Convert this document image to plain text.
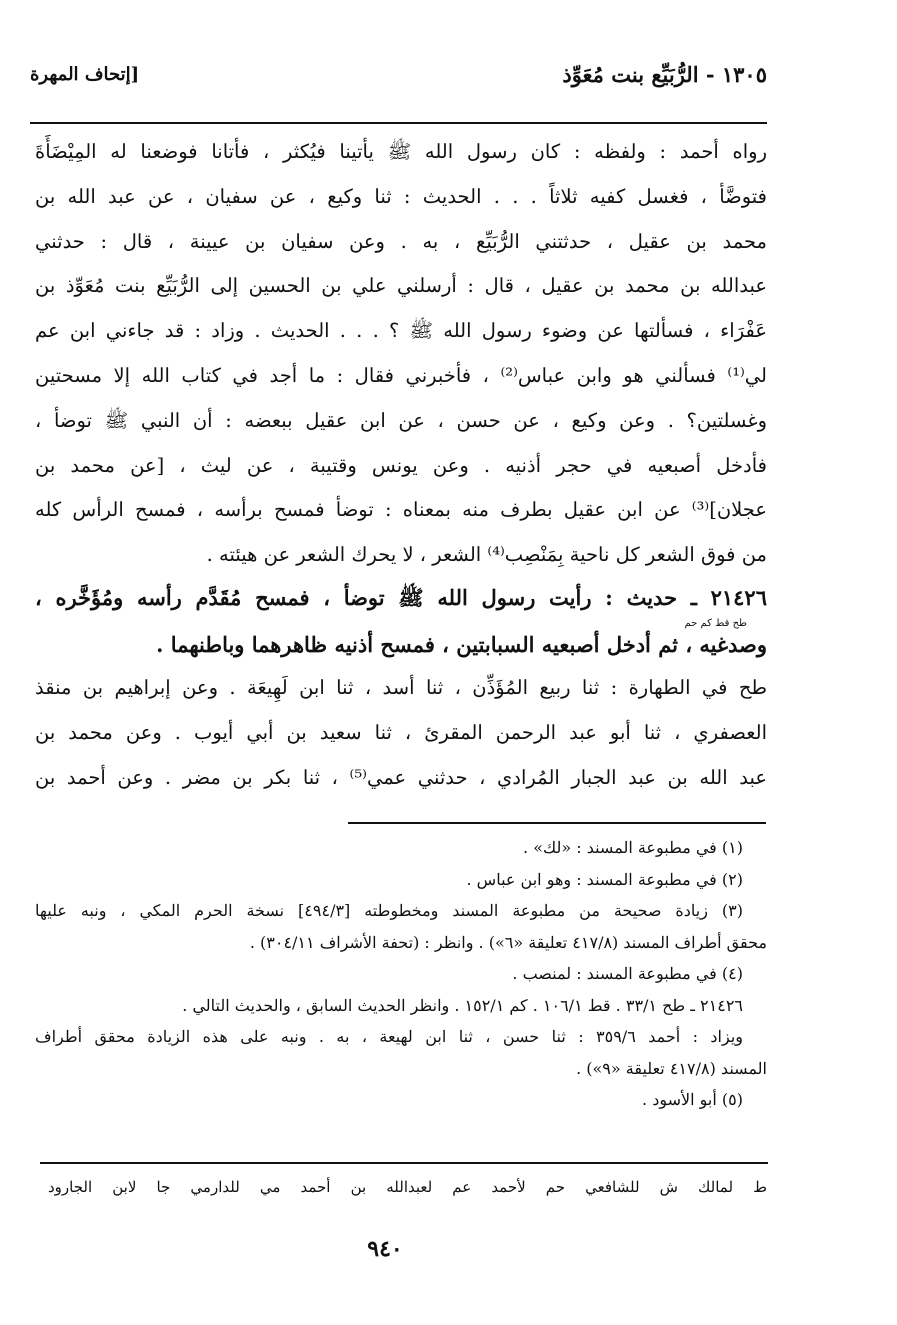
١٣٠٥ - الرُّبَيِّع بنت مُعَوِّذ
[إتحاف المهرة
رواه أحمد : ولفظه : كان رسول الله ﷺ يأتينا فيُكثر ، فأتانا فوضعنا له المِيْضَأَةَ
فتوضَّأ ، فغسل كفيه ثلاثاً . . . الحديث : ثنا وكيع ، عن سفيان ، عن عبد الله بن
محمد بن عقيل ، حدثتني الرُّبَيِّع ، به . وعن سفيان بن عيينة ، قال : حدثني
عبدالله بن محمد بن عقيل ، قال : أرسلني علي بن الحسين إلى الرُّبَيِّع بنت مُعَوِّذ بن
عَفْرَاء ، فسألتها عن وضوء رسول الله ﷺ ؟ . . . الحديث . وزاد : قد جاءني ابن عم
لي⁽¹⁾ فسألني هو وابن عباس⁽²⁾ ، فأخبرني فقال : ما أجد في كتاب الله إلا مسحتين
وغسلتين؟ . وعن وكيع ، عن حسن ، عن ابن عقيل ببعضه : أن النبي ﷺ توضأ ،
فأدخل أصبعيه في حجر أذنيه . وعن يونس وقتيبة ، عن ليث ، [عن محمد بن
عجلان]⁽³⁾ عن ابن عقيل بطرف منه بمعناه : توضأ فمسح برأسه ، فمسح الرأس كله
من فوق الشعر كل ناحية بِمَنْصِب⁽⁴⁾ الشعر ، لا يحرك الشعر عن هيئته .
٢١٤٢٦ ـ حديث : رأيت رسول الله ﷺ توضأ ، فمسح مُقَدَّم رأسه ومُؤَخَّره ،
طح قط كم حم
وصدغيه ، ثم أدخل أصبعيه السبابتين ، فمسح أذنيه ظاهرهما وباطنهما .
طح في الطهارة : ثنا ربيع المُؤَذِّن ، ثنا أسد ، ثنا ابن لَهِيعَة . وعن إبراهيم بن منقذ
العصفري ، ثنا أبو عبد الرحمن المقرئ ، ثنا سعيد بن أبي أيوب . وعن محمد بن
عبد الله بن عبد الجبار المُرادي ، حدثني عمي⁽⁵⁾ ، ثنا بكر بن مضر . وعن أحمد بن
(١) في مطبوعة المسند : «لك» .
(٢) في مطبوعة المسند : وهو ابن عباس .
(٣) زيادة صحيحة من مطبوعة المسند ومخطوطته [٤٩٤/٣] نسخة الحرم المكي ، ونبه عليها
محقق أطراف المسند (٤١٧/٨ تعليقة «٦») . وانظر : (تحفة الأشراف ٣٠٤/١١) .
(٤) في مطبوعة المسند : لمنصب .
٢١٤٢٦ ـ طح ٣٣/١ . قط ١٠٦/١ . كم ١٥٢/١ . وانظر الحديث السابق ، والحديث التالي .
ويزاد : أحمد ٣٥٩/٦ : ثنا حسن ، ثنا ابن لهيعة ، به . ونبه على هذه الزيادة محقق أطراف
المسند (٤١٧/٨ تعليقة «٩») .
(٥) أبو الأسود .
ط لمالك ش للشافعي حم لأحمد عم لعبدالله بن أحمد مي للدارمي جا لابن الجارود
٩٤٠
